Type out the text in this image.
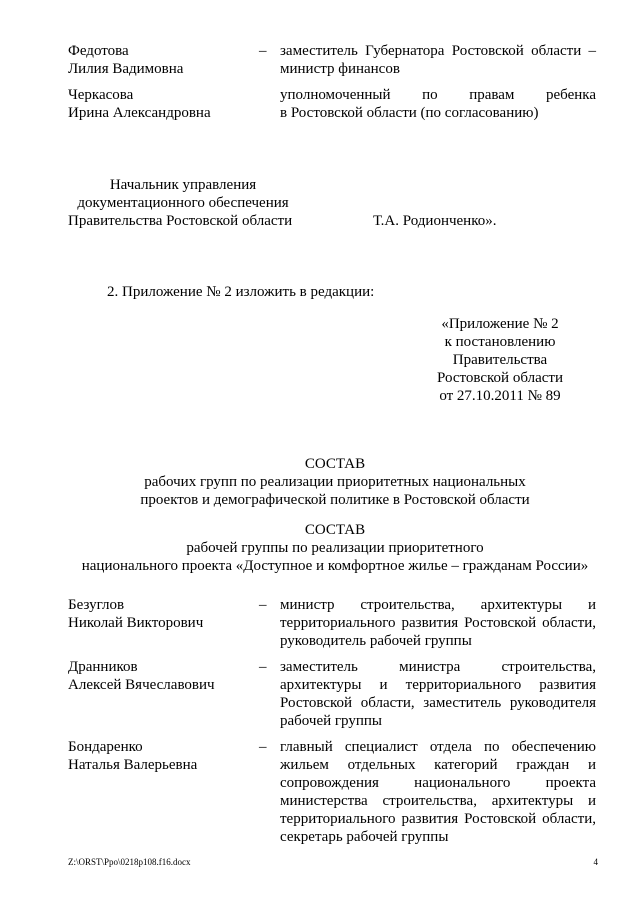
Федотова
Лилия Вадимовна
– заместитель Губернатора Ростовской области –
министр финансов
Черкасова
Ирина Александровна
уполномоченный по правам ребенка
в Ростовской области (по согласованию)
Начальник управления
документационного обеспечения
Правительства Ростовской области	Т.А. Родионченко».
2. Приложение № 2 изложить в редакции:
«Приложение № 2
к постановлению
Правительства
Ростовской области
от 27.10.2011 № 89
СОСТАВ
рабочих групп по реализации приоритетных национальных
проектов и демографической политике в Ростовской области
СОСТАВ
рабочей группы по реализации приоритетного
национального проекта «Доступное и комфортное жилье – гражданам России»
Безуглов
Николай Викторович
– министр строительства, архитектуры и
территориального развития Ростовской области,
руководитель рабочей группы
Дранников
Алексей Вячеславович
– заместитель министра строительства,
архитектуры и территориального развития
Ростовской области, заместитель руководителя
рабочей группы
Бондаренко
Наталья Валерьевна
– главный специалист отдела по обеспечению
жильем отдельных категорий граждан и
сопровождения национального проекта
министерства строительства, архитектуры и
территориального развития Ростовской области,
секретарь рабочей группы
Z:\ORST\Ppo\0218p108.f16.docx	4
